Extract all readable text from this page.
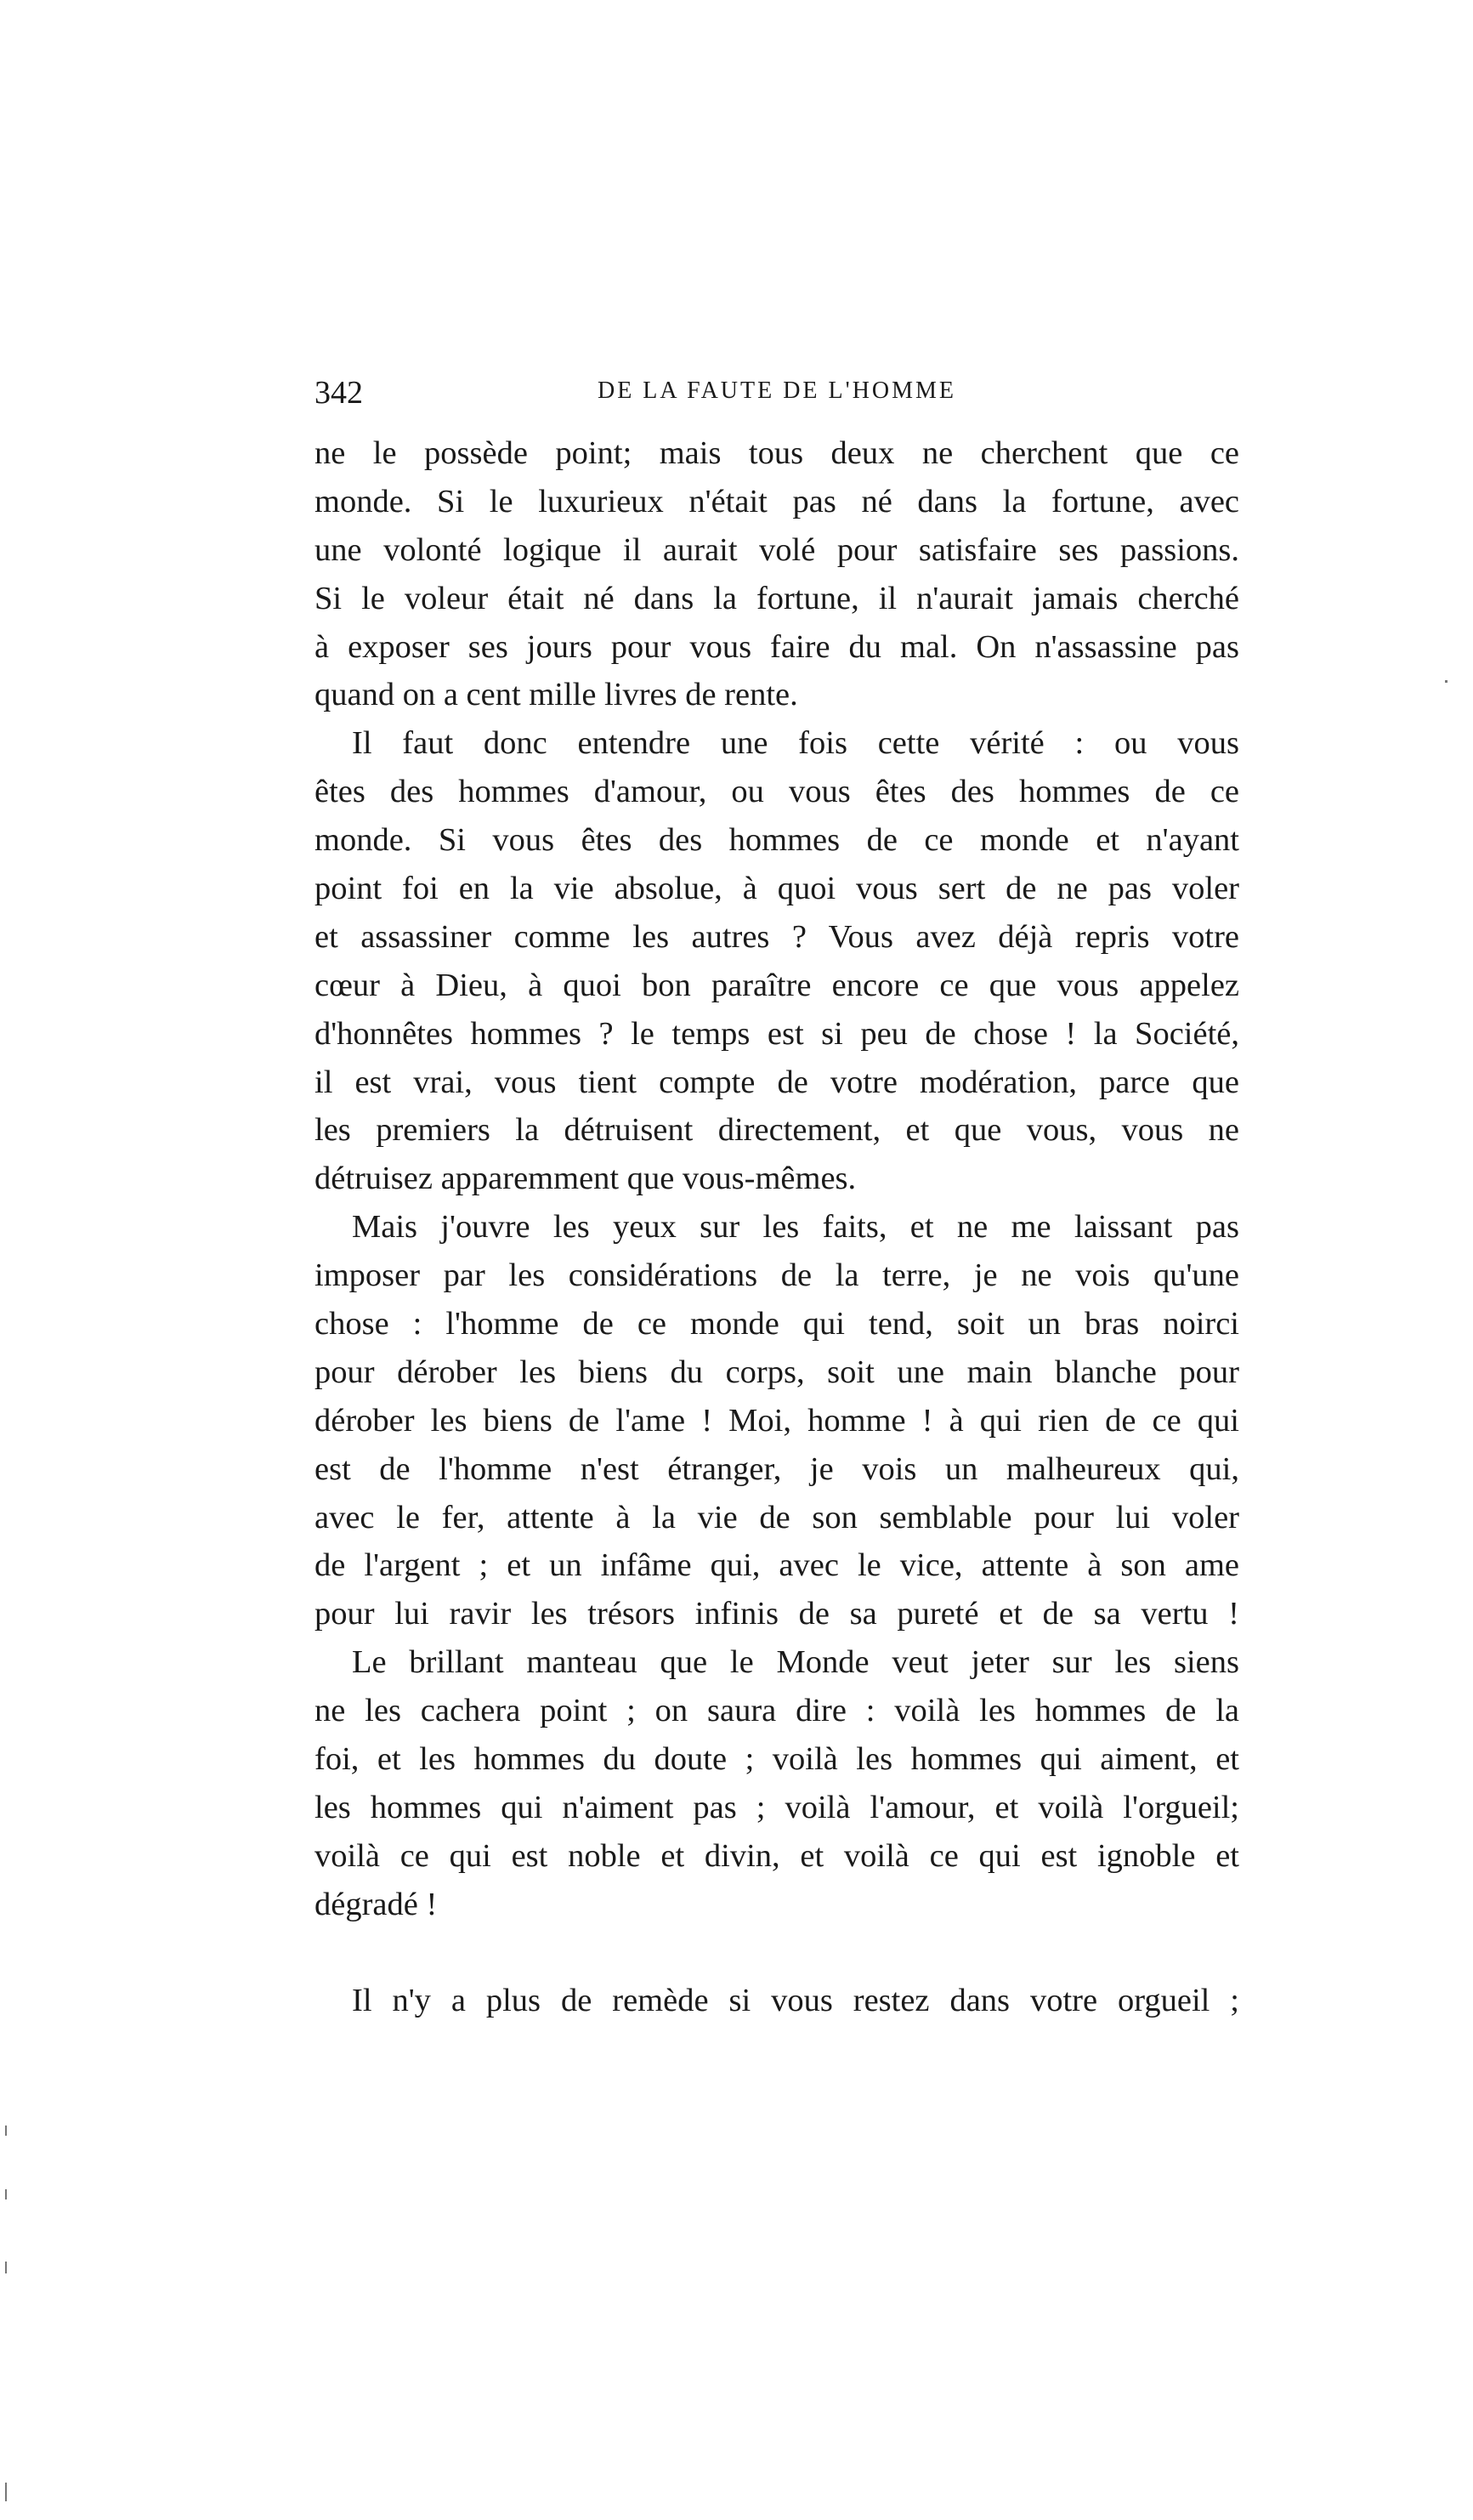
342	DE LA FAUTE DE L'HOMME
ne le possède point; mais tous deux ne cherchent que ce
monde. Si le luxurieux n'était pas né dans la fortune, avec
une volonté logique il aurait volé pour satisfaire ses passions.
Si le voleur était né dans la fortune, il n'aurait jamais cherché
à exposer ses jours pour vous faire du mal. On n'assassine pas
quand on a cent mille livres de rente.
Il faut donc entendre une fois cette vérité : ou vous
êtes des hommes d'amour, ou vous êtes des hommes de ce
monde. Si vous êtes des hommes de ce monde et n'ayant
point foi en la vie absolue, à quoi vous sert de ne pas voler
et assassiner comme les autres ? Vous avez déjà repris votre
cœur à Dieu, à quoi bon paraître encore ce que vous appelez
d'honnêtes hommes ? le temps est si peu de chose ! la Société,
il est vrai, vous tient compte de votre modération, parce que
les premiers la détruisent directement, et que vous, vous ne
détruisez apparemment que vous-mêmes.
Mais j'ouvre les yeux sur les faits, et ne me laissant pas
imposer par les considérations de la terre, je ne vois qu'une
chose : l'homme de ce monde qui tend, soit un bras noirci
pour dérober les biens du corps, soit une main blanche pour
dérober les biens de l'ame ! Moi, homme ! à qui rien de ce qui
est de l'homme n'est étranger, je vois un malheureux qui,
avec le fer, attente à la vie de son semblable pour lui voler
de l'argent ; et un infâme qui, avec le vice, attente à son ame
pour lui ravir les trésors infinis de sa pureté et de sa vertu !
Le brillant manteau que le Monde veut jeter sur les siens
ne les cachera point ; on saura dire : voilà les hommes de la
foi, et les hommes du doute ; voilà les hommes qui aiment, et
les hommes qui n'aiment pas ; voilà l'amour, et voilà l'orgueil;
voilà ce qui est noble et divin, et voilà ce qui est ignoble et
dégradé !
Il n'y a plus de remède si vous restez dans votre orgueil ;
